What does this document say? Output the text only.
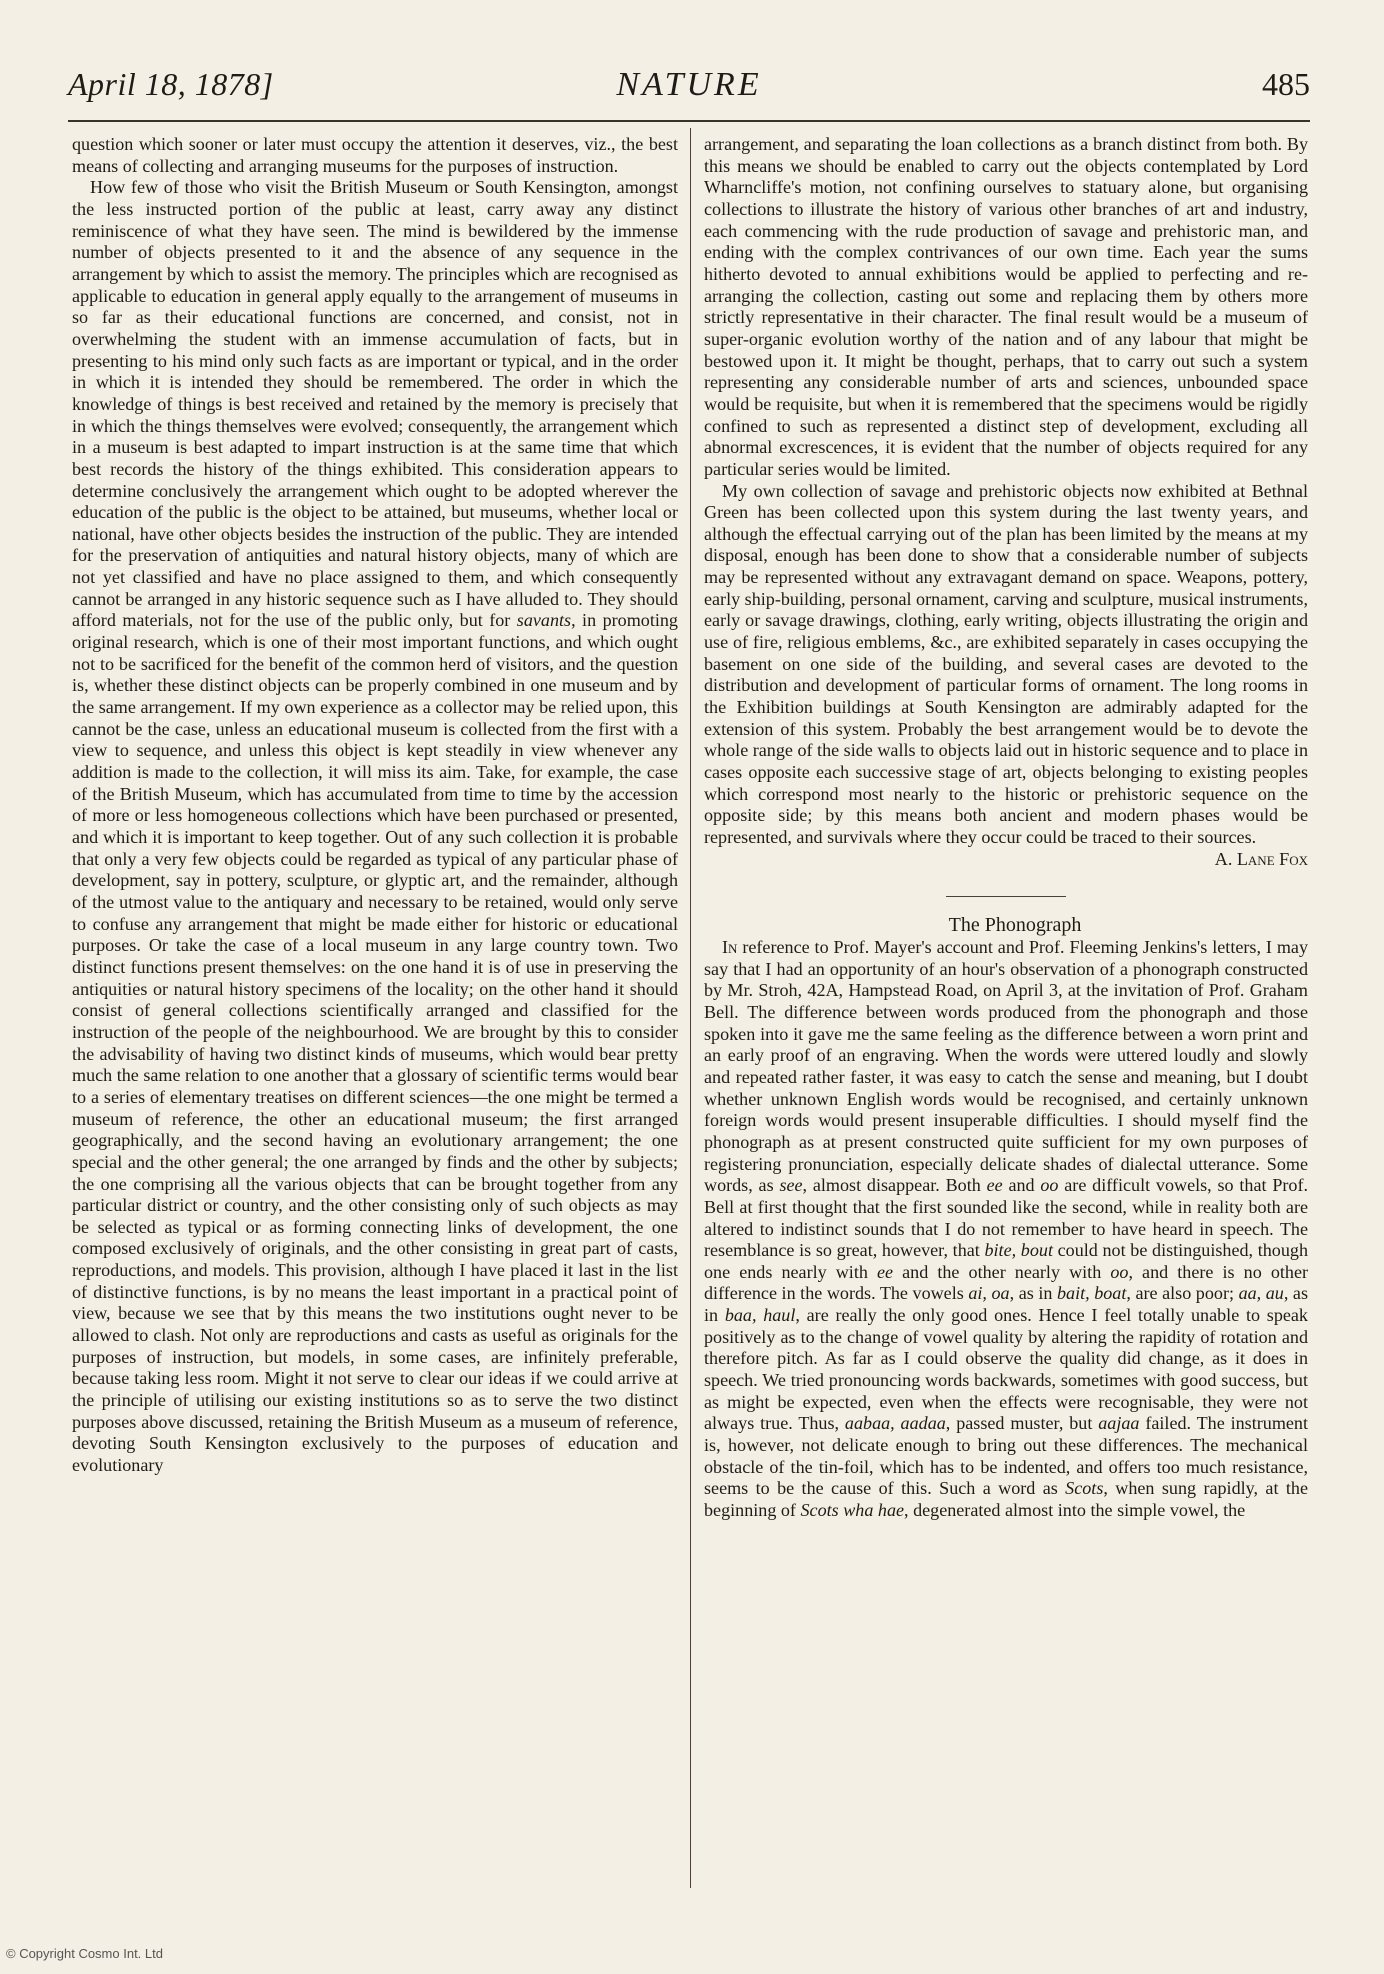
April 18, 1878]	NATURE	485

question which sooner or later must occupy the attention it deserves, viz., the best means of collecting and arranging museums for the purposes of instruction.

How few of those who visit the British Museum or South Kensington, amongst the less instructed portion of the public at least, carry away any distinct reminiscence of what they have seen. The mind is bewildered by the immense number of objects presented to it and the absence of any sequence in the arrangement by which to assist the memory. The principles which are recognised as applicable to education in general apply equally to the arrangement of museums in so far as their educational functions are concerned, and consist, not in overwhelming the student with an immense accumulation of facts, but in presenting to his mind only such facts as are important or typical, and in the order in which it is intended they should be remembered. The order in which the knowledge of things is best received and retained by the memory is precisely that in which the things themselves were evolved; consequently, the arrangement which in a museum is best adapted to impart instruction is at the same time that which best records the history of the things exhibited. This consideration appears to determine conclusively the arrangement which ought to be adopted wherever the education of the public is the object to be attained, but museums, whether local or national, have other objects besides the instruction of the public. They are intended for the preservation of antiquities and natural history objects, many of which are not yet classified and have no place assigned to them, and which consequently cannot be arranged in any historic sequence such as I have alluded to. They should afford materials, not for the use of the public only, but for savants, in promoting original research, which is one of their most important functions, and which ought not to be sacrificed for the benefit of the common herd of visitors, and the question is, whether these distinct objects can be properly combined in one museum and by the same arrangement. If my own experience as a collector may be relied upon, this cannot be the case, unless an educational museum is collected from the first with a view to sequence, and unless this object is kept steadily in view whenever any addition is made to the collection, it will miss its aim. Take, for example, the case of the British Museum, which has accumulated from time to time by the accession of more or less homogeneous collections which have been purchased or presented, and which it is important to keep together. Out of any such collection it is probable that only a very few objects could be regarded as typical of any particular phase of development, say in pottery, sculpture, or glyptic art, and the remainder, although of the utmost value to the antiquary and necessary to be retained, would only serve to confuse any arrangement that might be made either for historic or educational purposes. Or take the case of a local museum in any large country town. Two distinct functions present themselves: on the one hand it is of use in preserving the antiquities or natural history specimens of the locality; on the other hand it should consist of general collections scientifically arranged and classified for the instruction of the people of the neighbourhood. We are brought by this to consider the advisability of having two distinct kinds of museums, which would bear pretty much the same relation to one another that a glossary of scientific terms would bear to a series of elementary treatises on different sciences—the one might be termed a museum of reference, the other an educational museum; the first arranged geographically, and the second having an evolutionary arrangement; the one special and the other general; the one arranged by finds and the other by subjects; the one comprising all the various objects that can be brought together from any particular district or country, and the other consisting only of such objects as may be selected as typical or as forming connecting links of development, the one composed exclusively of originals, and the other consisting in great part of casts, reproductions, and models. This provision, although I have placed it last in the list of distinctive functions, is by no means the least important in a practical point of view, because we see that by this means the two institutions ought never to be allowed to clash. Not only are reproductions and casts as useful as originals for the purposes of instruction, but models, in some cases, are infinitely preferable, because taking less room. Might it not serve to clear our ideas if we could arrive at the principle of utilising our existing institutions so as to serve the two distinct purposes above discussed, retaining the British Museum as a museum of reference, devoting South Kensington exclusively to the purposes of education and evolutionary

arrangement, and separating the loan collections as a branch distinct from both. By this means we should be enabled to carry out the objects contemplated by Lord Wharncliffe's motion, not confining ourselves to statuary alone, but organising collections to illustrate the history of various other branches of art and industry, each commencing with the rude production of savage and prehistoric man, and ending with the complex contrivances of our own time. Each year the sums hitherto devoted to annual exhibitions would be applied to perfecting and re-arranging the collection, casting out some and replacing them by others more strictly representative in their character. The final result would be a museum of super-organic evolution worthy of the nation and of any labour that might be bestowed upon it. It might be thought, perhaps, that to carry out such a system representing any considerable number of arts and sciences, unbounded space would be requisite, but when it is remembered that the specimens would be rigidly confined to such as represented a distinct step of development, excluding all abnormal excrescences, it is evident that the number of objects required for any particular series would be limited.

My own collection of savage and prehistoric objects now exhibited at Bethnal Green has been collected upon this system during the last twenty years, and although the effectual carrying out of the plan has been limited by the means at my disposal, enough has been done to show that a considerable number of subjects may be represented without any extravagant demand on space. Weapons, pottery, early ship-building, personal ornament, carving and sculpture, musical instruments, early or savage drawings, clothing, early writing, objects illustrating the origin and use of fire, religious emblems, &c., are exhibited separately in cases occupying the basement on one side of the building, and several cases are devoted to the distribution and development of particular forms of ornament. The long rooms in the Exhibition buildings at South Kensington are admirably adapted for the extension of this system. Probably the best arrangement would be to devote the whole range of the side walls to objects laid out in historic sequence and to place in cases opposite each successive stage of art, objects belonging to existing peoples which correspond most nearly to the historic or prehistoric sequence on the opposite side; by this means both ancient and modern phases would be represented, and survivals where they occur could be traced to their sources.

A. Lane Fox

The Phonograph

In reference to Prof. Mayer's account and Prof. Fleeming Jenkins's letters, I may say that I had an opportunity of an hour's observation of a phonograph constructed by Mr. Stroh, 42A, Hampstead Road, on April 3, at the invitation of Prof. Graham Bell. The difference between words produced from the phonograph and those spoken into it gave me the same feeling as the difference between a worn print and an early proof of an engraving. When the words were uttered loudly and slowly and repeated rather faster, it was easy to catch the sense and meaning, but I doubt whether unknown English words would be recognised, and certainly unknown foreign words would present insuperable difficulties. I should myself find the phonograph as at present constructed quite sufficient for my own purposes of registering pronunciation, especially delicate shades of dialectal utterance. Some words, as see, almost disappear. Both ee and oo are difficult vowels, so that Prof. Bell at first thought that the first sounded like the second, while in reality both are altered to indistinct sounds that I do not remember to have heard in speech. The resemblance is so great, however, that bite, bout could not be distinguished, though one ends nearly with ee and the other nearly with oo, and there is no other difference in the words. The vowels ai, oa, as in bait, boat, are also poor; aa, au, as in baa, haul, are really the only good ones. Hence I feel totally unable to speak positively as to the change of vowel quality by altering the rapidity of rotation and therefore pitch. As far as I could observe the quality did change, as it does in speech. We tried pronouncing words backwards, sometimes with good success, but as might be expected, even when the effects were recognisable, they were not always true. Thus, aabaa, aadaa, passed muster, but aajaa failed. The instrument is, however, not delicate enough to bring out these differences. The mechanical obstacle of the tin-foil, which has to be indented, and offers too much resistance, seems to be the cause of this. Such a word as Scots, when sung rapidly, at the beginning of Scots wha hae, degenerated almost into the simple vowel, the

© Copyright Cosmo Int. Ltd
